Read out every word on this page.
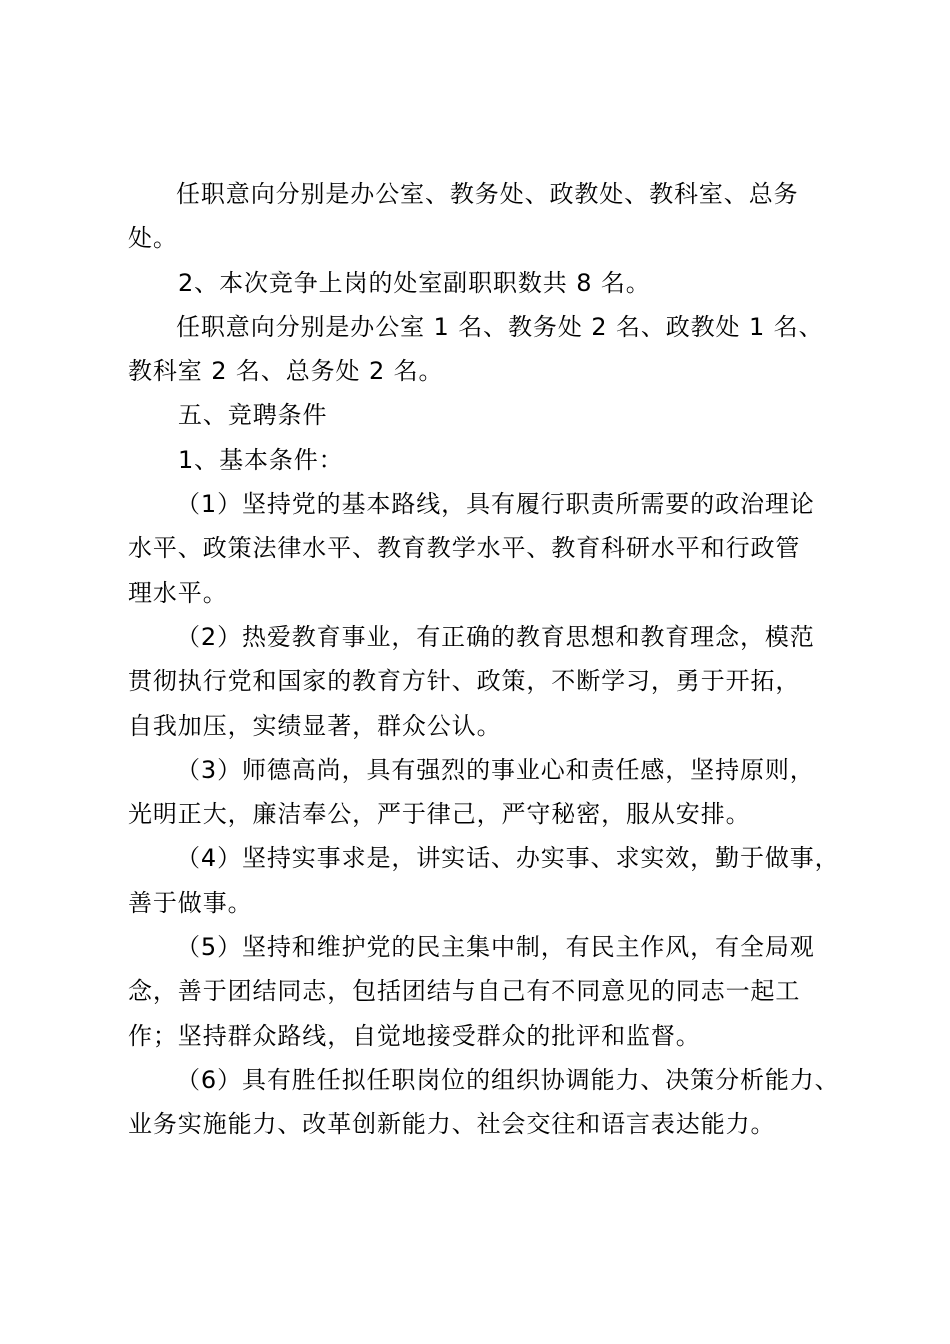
任职意向分别是办公室、教务处、政教处、教科室、总务
处。

2、本次竞争上岗的处室副职职数共 8 名。

任职意向分别是办公室 1 名、教务处 2 名、政教处 1 名、
教科室 2 名、总务处 2 名。

五、竞聘条件

1、基本条件：

（1）坚持党的基本路线，具有履行职责所需要的政治理论
水平、政策法律水平、教育教学水平、教育科研水平和行政管
理水平。

（2）热爱教育事业，有正确的教育思想和教育理念，模范
贯彻执行党和国家的教育方针、政策，不断学习，勇于开拓，
自我加压，实绩显著，群众公认。

（3）师德高尚，具有强烈的事业心和责任感，坚持原则，
光明正大，廉洁奉公，严于律己，严守秘密，服从安排。

（4）坚持实事求是，讲实话、办实事、求实效，勤于做事，
善于做事。

（5）坚持和维护党的民主集中制，有民主作风，有全局观
念，善于团结同志，包括团结与自己有不同意见的同志一起工
作；坚持群众路线，自觉地接受群众的批评和监督。

（6）具有胜任拟任职岗位的组织协调能力、决策分析能力、
业务实施能力、改革创新能力、社会交往和语言表达能力。
